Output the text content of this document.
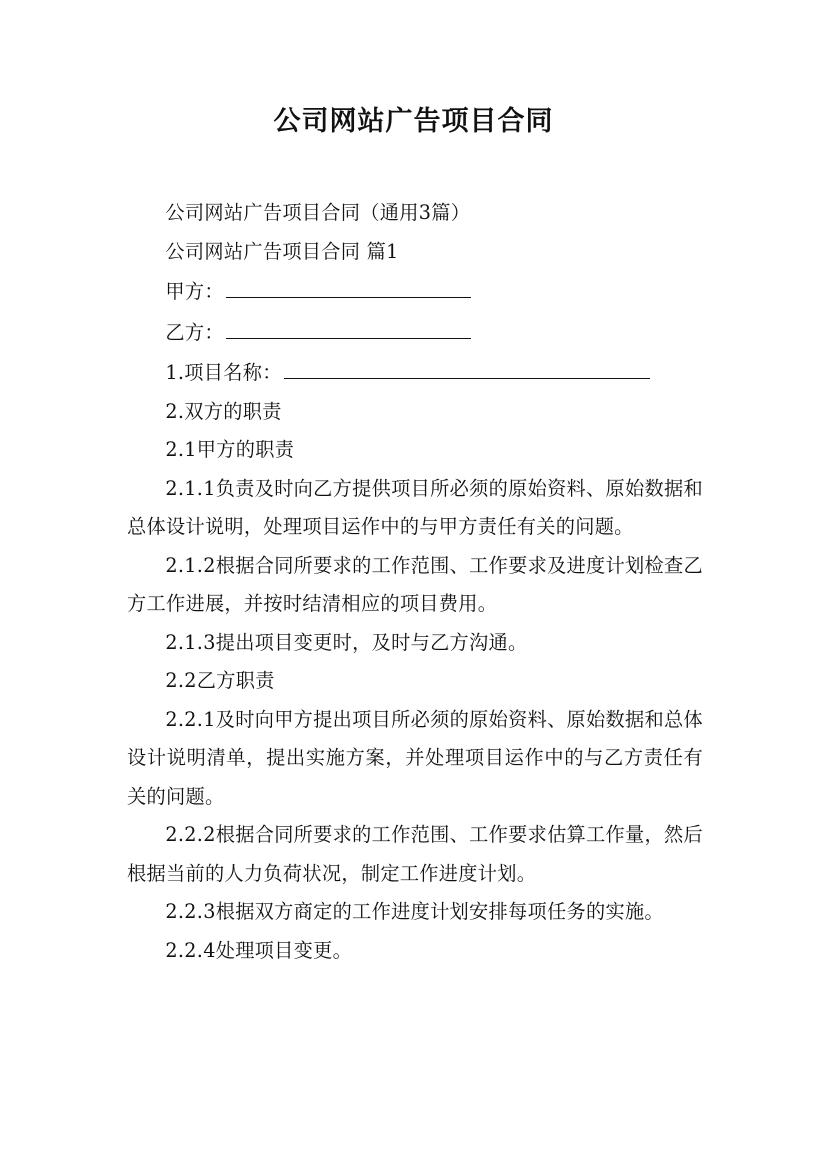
公司网站广告项目合同

公司网站广告项目合同（通用3篇）

公司网站广告项目合同 篇1

甲方：

乙方：

1.项目名称：

2.双方的职责

2.1甲方的职责

2.1.1负责及时向乙方提供项目所必须的原始资料、原始数据和总体设计说明，处理项目运作中的与甲方责任有关的问题。

2.1.2根据合同所要求的工作范围、工作要求及进度计划检查乙方工作进展，并按时结清相应的项目费用。

2.1.3提出项目变更时，及时与乙方沟通。

2.2乙方职责

2.2.1及时向甲方提出项目所必须的原始资料、原始数据和总体设计说明清单，提出实施方案，并处理项目运作中的与乙方责任有关的问题。

2.2.2根据合同所要求的工作范围、工作要求估算工作量，然后根据当前的人力负荷状况，制定工作进度计划。

2.2.3根据双方商定的工作进度计划安排每项任务的实施。

2.2.4处理项目变更。
